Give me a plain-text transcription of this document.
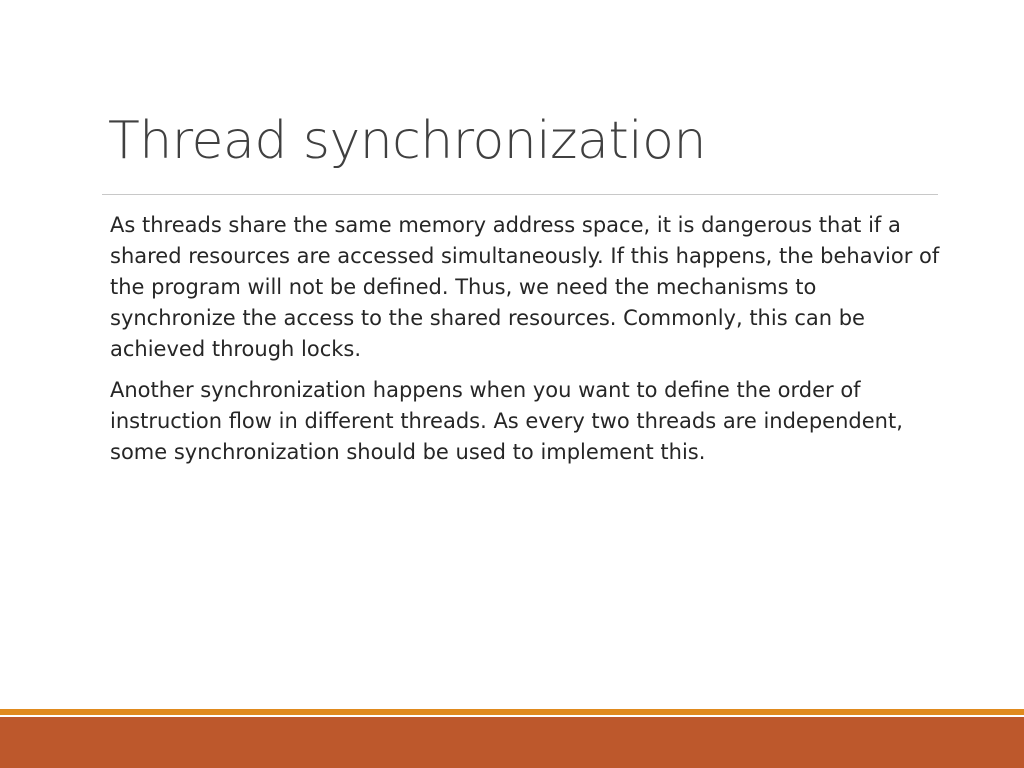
Thread synchronization

As threads share the same memory address space, it is dangerous that if a shared resources are accessed simultaneously. If this happens, the behavior of the program will not be defined. Thus, we need the mechanisms to synchronize the access to the shared resources. Commonly, this can be achieved through locks.

Another synchronization happens when you want to define the order of instruction flow in different threads. As every two threads are independent, some synchronization should be used to implement this.
